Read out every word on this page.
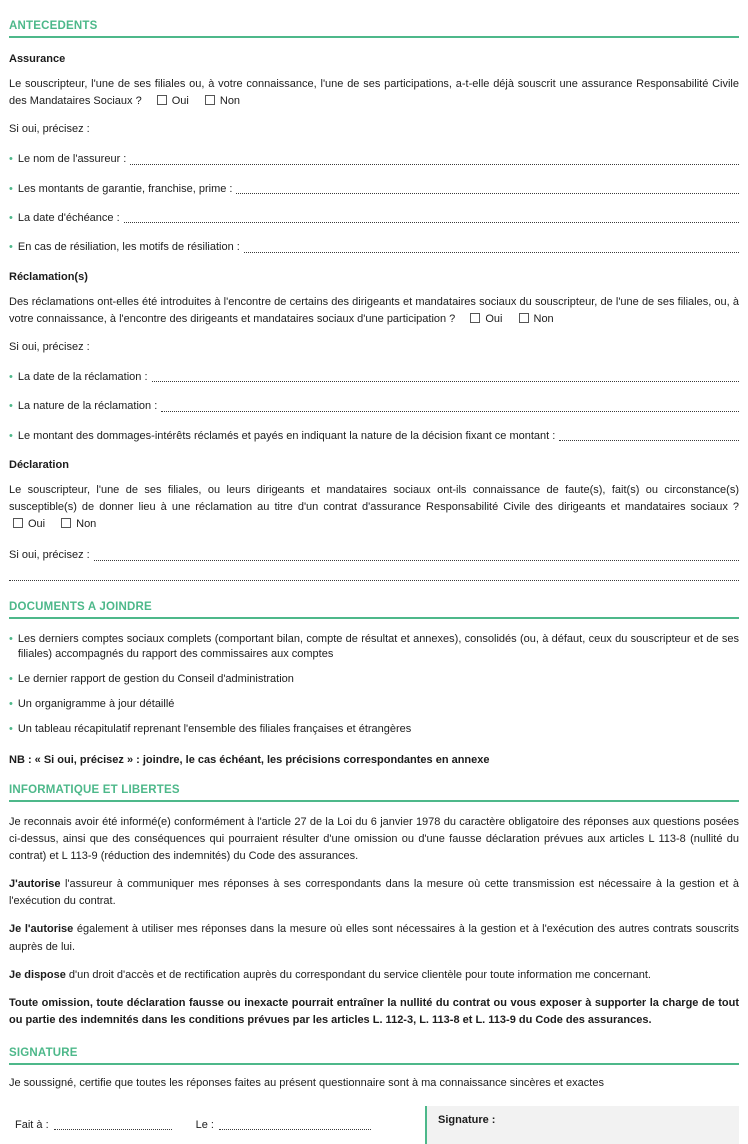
ANTECEDENTS
Assurance
Le souscripteur, l'une de ses filiales ou, à votre connaissance, l'une de ses participations, a-t-elle déjà souscrit une assurance Responsabilité Civile des Mandataires Sociaux ?	Oui	Non
Si oui, précisez :
•
Le nom de l'assureur :
•
Les montants de garantie, franchise, prime :
•
La date d'échéance :
•
En cas de résiliation, les motifs de résiliation :
Réclamation(s)
Des réclamations ont-elles été introduites à l'encontre de certains des dirigeants et mandataires sociaux du souscripteur, de l'une de ses filiales, ou, à votre connaissance, à l'encontre des dirigeants et mandataires sociaux d'une participation ?	Oui	Non
Si oui, précisez :
•
La date de la réclamation :
•
La nature de la réclamation :
•
Le montant des dommages-intérêts réclamés et payés en indiquant la nature de la décision fixant ce montant :
Déclaration
Le souscripteur, l'une de ses filiales, ou leurs dirigeants et mandataires sociaux ont-ils connaissance de faute(s), fait(s) ou circonstance(s) susceptible(s) de donner lieu à une réclamation au titre d'un contrat d'assurance Responsabilité Civile des dirigeants et mandataires sociaux ? Oui	Non
Si oui, précisez :
DOCUMENTS A JOINDRE
•
Les derniers comptes sociaux complets (comportant bilan, compte de résultat et annexes), consolidés (ou, à défaut, ceux du souscripteur et de ses filiales) accompagnés du rapport des commissaires aux comptes
•
Le dernier rapport de gestion du Conseil d'administration
•
Un organigramme à jour détaillé
•
Un tableau récapitulatif reprenant l'ensemble des filiales françaises et étrangères
NB : « Si oui, précisez » : joindre, le cas échéant, les précisions correspondantes en annexe
INFORMATIQUE ET LIBERTES
Je reconnais avoir été informé(e) conformément à l'article 27 de la Loi du 6 janvier 1978 du caractère obligatoire des réponses aux questions posées ci-dessus, ainsi que des conséquences qui pourraient résulter d'une omission ou d'une fausse déclaration prévues aux articles L 113-8 (nullité du contrat) et L 113-9 (réduction des indemnités) du Code des assurances.
J'autorise l'assureur à communiquer mes réponses à ses correspondants dans la mesure où cette transmission est nécessaire à la gestion et à l'exécution du contrat.
Je l'autorise également à utiliser mes réponses dans la mesure où elles sont nécessaires à la gestion et à l'exécution des autres contrats souscrits auprès de lui.
Je dispose d'un droit d'accès et de rectification auprès du correspondant du service clientèle pour toute information me concernant.
Toute omission, toute déclaration fausse ou inexacte pourrait entraîner la nullité du contrat ou vous exposer à supporter la charge de tout ou partie des indemnités dans les conditions prévues par les articles L. 112-3, L. 113-8 et L. 113-9 du Code des assurances.
SIGNATURE
Je soussigné, certifie que toutes les réponses faites au présent questionnaire sont à ma connaissance sincères et exactes
Fait à :	Le :	Signature :
